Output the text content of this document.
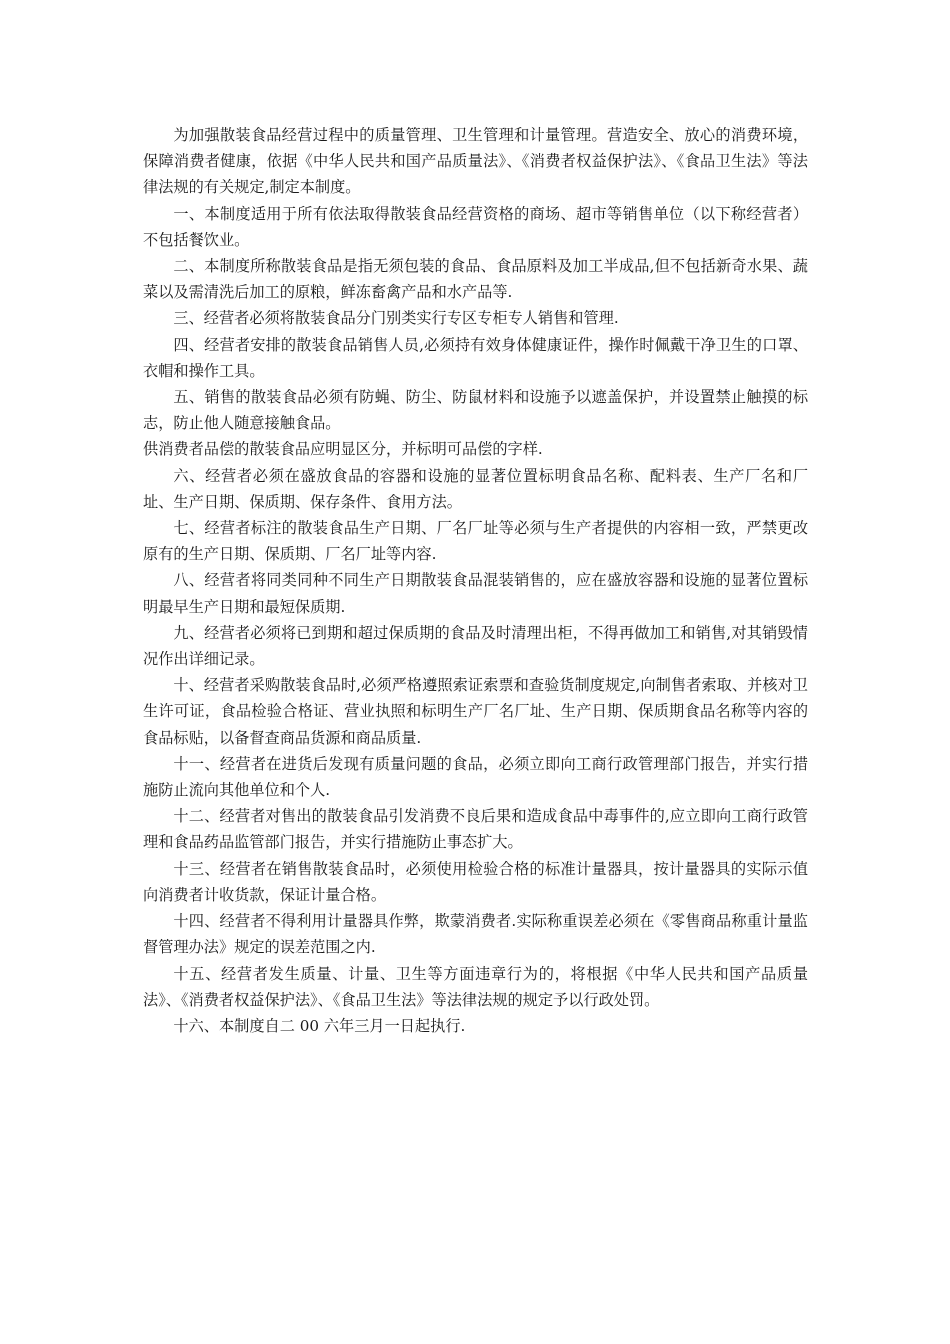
为加强散装食品经营过程中的质量管理、卫生管理和计量管理。营造安全、放心的消费环境，保障消费者健康，依据《中华人民共和国产品质量法》、《消费者权益保护法》、《食品卫生法》等法律法规的有关规定,制定本制度。

一、本制度适用于所有依法取得散装食品经营资格的商场、超市等销售单位（以下称经营者）不包括餐饮业。

二、本制度所称散装食品是指无须包装的食品、食品原料及加工半成品,但不包括新奇水果、蔬菜以及需清洗后加工的原粮，鲜冻畜禽产品和水产品等.

三、经营者必须将散装食品分门别类实行专区专柜专人销售和管理.

四、经营者安排的散装食品销售人员,必须持有效身体健康证件，操作时佩戴干净卫生的口罩、衣帽和操作工具。

五、销售的散装食品必须有防蝇、防尘、防鼠材料和设施予以遮盖保护，并设置禁止触摸的标志，防止他人随意接触食品。

供消费者品偿的散装食品应明显区分，并标明可品偿的字样.

六、经营者必须在盛放食品的容器和设施的显著位置标明食品名称、配料表、生产厂名和厂址、生产日期、保质期、保存条件、食用方法。

七、经营者标注的散装食品生产日期、厂名厂址等必须与生产者提供的内容相一致，严禁更改原有的生产日期、保质期、厂名厂址等内容.

八、经营者将同类同种不同生产日期散装食品混装销售的，应在盛放容器和设施的显著位置标明最早生产日期和最短保质期.

九、经营者必须将已到期和超过保质期的食品及时清理出柜，不得再做加工和销售,对其销毁情况作出详细记录。

十、经营者采购散装食品时,必须严格遵照索证索票和查验货制度规定,向制售者索取、并核对卫生许可证，食品检验合格证、营业执照和标明生产厂名厂址、生产日期、保质期食品名称等内容的食品标贴，以备督查商品货源和商品质量.

十一、经营者在进货后发现有质量问题的食品，必须立即向工商行政管理部门报告，并实行措施防止流向其他单位和个人.

十二、经营者对售出的散装食品引发消费不良后果和造成食品中毒事件的,应立即向工商行政管理和食品药品监管部门报告，并实行措施防止事态扩大。

十三、经营者在销售散装食品时，必须使用检验合格的标准计量器具，按计量器具的实际示值向消费者计收货款，保证计量合格。

十四、经营者不得利用计量器具作弊，欺蒙消费者.实际称重误差必须在《零售商品称重计量监督管理办法》规定的误差范围之内.

十五、经营者发生质量、计量、卫生等方面违章行为的，将根据《中华人民共和国产品质量法》、《消费者权益保护法》、《食品卫生法》等法律法规的规定予以行政处罚。

十六、本制度自二 00 六年三月一日起执行.
